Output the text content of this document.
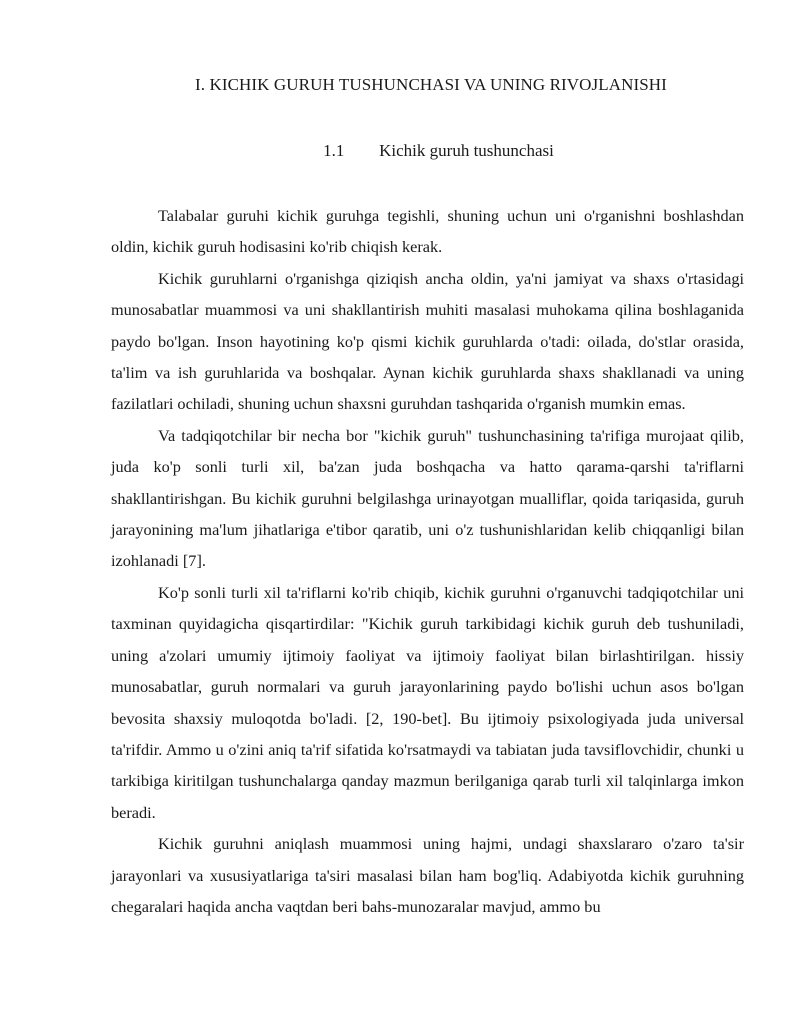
I. KICHIK GURUH TUSHUNCHASI VA UNING RIVOJLANISHI
1.1 Kichik guruh tushunchasi

Talabalar guruhi kichik guruhga tegishli, shuning uchun uni o'rganishni boshlashdan oldin, kichik guruh hodisasini ko'rib chiqish kerak.

Kichik guruhlarni o'rganishga qiziqish ancha oldin, ya'ni jamiyat va shaxs o'rtasidagi munosabatlar muammosi va uni shakllantirish muhiti masalasi muhokama qilina boshlaganida paydo bo'lgan. Inson hayotining ko'p qismi kichik guruhlarda o'tadi: oilada, do'stlar orasida, ta'lim va ish guruhlarida va boshqalar. Aynan kichik guruhlarda shaxs shakllanadi va uning fazilatlari ochiladi, shuning uchun shaxsni guruhdan tashqarida o'rganish mumkin emas.

Va tadqiqotchilar bir necha bor "kichik guruh" tushunchasining ta'rifiga murojaat qilib, juda ko'p sonli turli xil, ba'zan juda boshqacha va hatto qarama-qarshi ta'riflarni shakllantirishgan. Bu kichik guruhni belgilashga urinayotgan mualliflar, qoida tariqasida, guruh jarayonining ma'lum jihatlariga e'tibor qaratib, uni o'z tushunishlaridan kelib chiqqanligi bilan izohlanadi [7].

Ko'p sonli turli xil ta'riflarni ko'rib chiqib, kichik guruhni o'rganuvchi tadqiqotchilar uni taxminan quyidagicha qisqartirdilar: "Kichik guruh tarkibidagi kichik guruh deb tushuniladi, uning a'zolari umumiy ijtimoiy faoliyat va ijtimoiy faoliyat bilan birlashtirilgan. hissiy munosabatlar, guruh normalari va guruh jarayonlarining paydo bo'lishi uchun asos bo'lgan bevosita shaxsiy muloqotda bo'ladi. [2, 190-bet]. Bu ijtimoiy psixologiyada juda universal ta'rifdir. Ammo u o'zini aniq ta'rif sifatida ko'rsatmaydi va tabiatan juda tavsiflovchidir, chunki u tarkibiga kiritilgan tushunchalarga qanday mazmun berilganiga qarab turli xil talqinlarga imkon beradi.

Kichik guruhni aniqlash muammosi uning hajmi, undagi shaxslararo o'zaro ta'sir jarayonlari va xususiyatlariga ta'siri masalasi bilan ham bog'liq. Adabiyotda kichik guruhning chegaralari haqida ancha vaqtdan beri bahs-munozaralar mavjud, ammo bu
